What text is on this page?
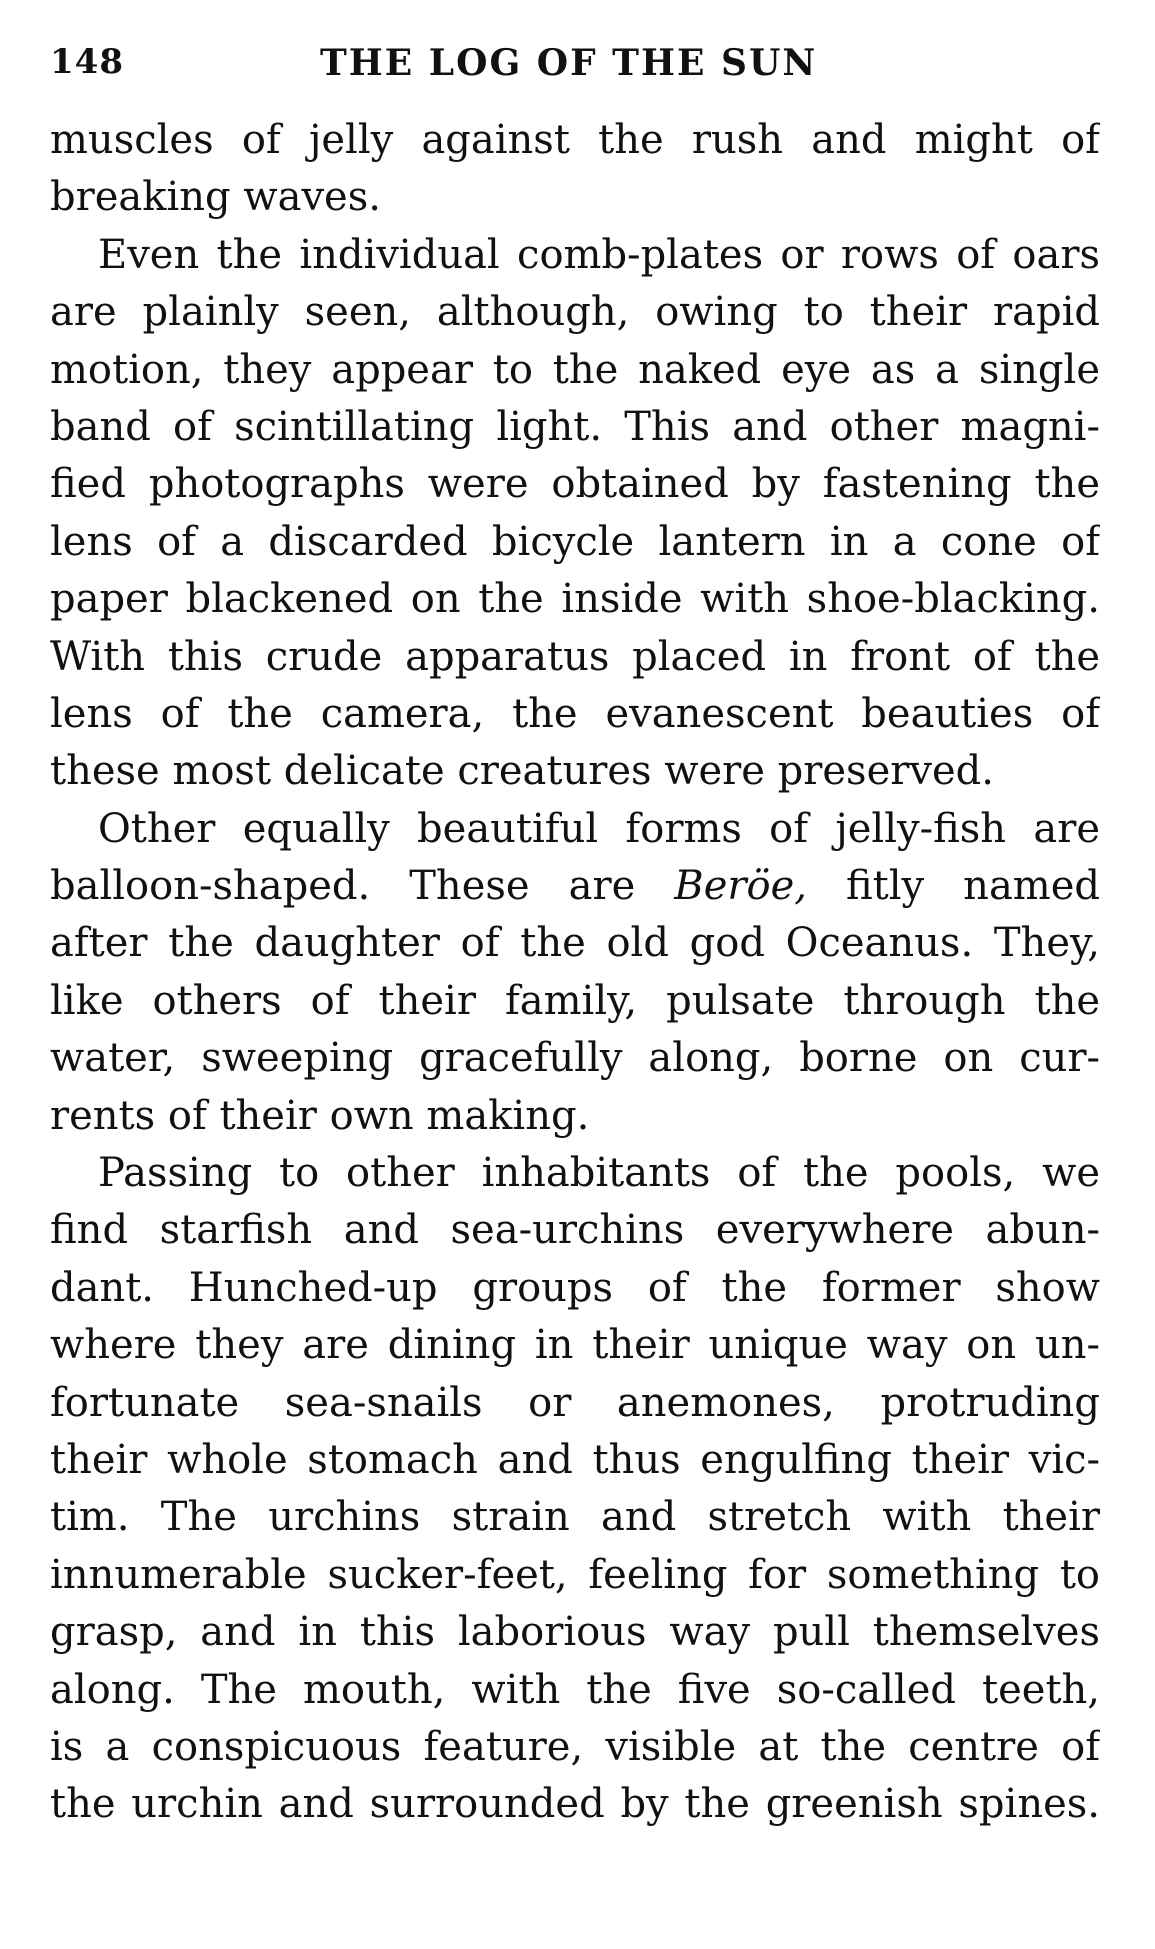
148	THE LOG OF THE SUN
muscles of jelly against the rush and might of
breaking waves.
Even the individual comb-plates or rows of oars
are plainly seen, although, owing to their rapid
motion, they appear to the naked eye as a single
band of scintillating light. This and other magni-
fied photographs were obtained by fastening the
lens of a discarded bicycle lantern in a cone of
paper blackened on the inside with shoe-blacking.
With this crude apparatus placed in front of the
lens of the camera, the evanescent beauties of
these most delicate creatures were preserved.
Other equally beautiful forms of jelly-fish are
balloon-shaped. These are Beröe, fitly named
after the daughter of the old god Oceanus. They,
like others of their family, pulsate through the
water, sweeping gracefully along, borne on cur-
rents of their own making.
Passing to other inhabitants of the pools, we
find starfish and sea-urchins everywhere abun-
dant. Hunched-up groups of the former show
where they are dining in their unique way on un-
fortunate sea-snails or anemones, protruding
their whole stomach and thus engulfing their vic-
tim. The urchins strain and stretch with their
innumerable sucker-feet, feeling for something to
grasp, and in this laborious way pull themselves
along. The mouth, with the five so-called teeth,
is a conspicuous feature, visible at the centre of
the urchin and surrounded by the greenish spines.
